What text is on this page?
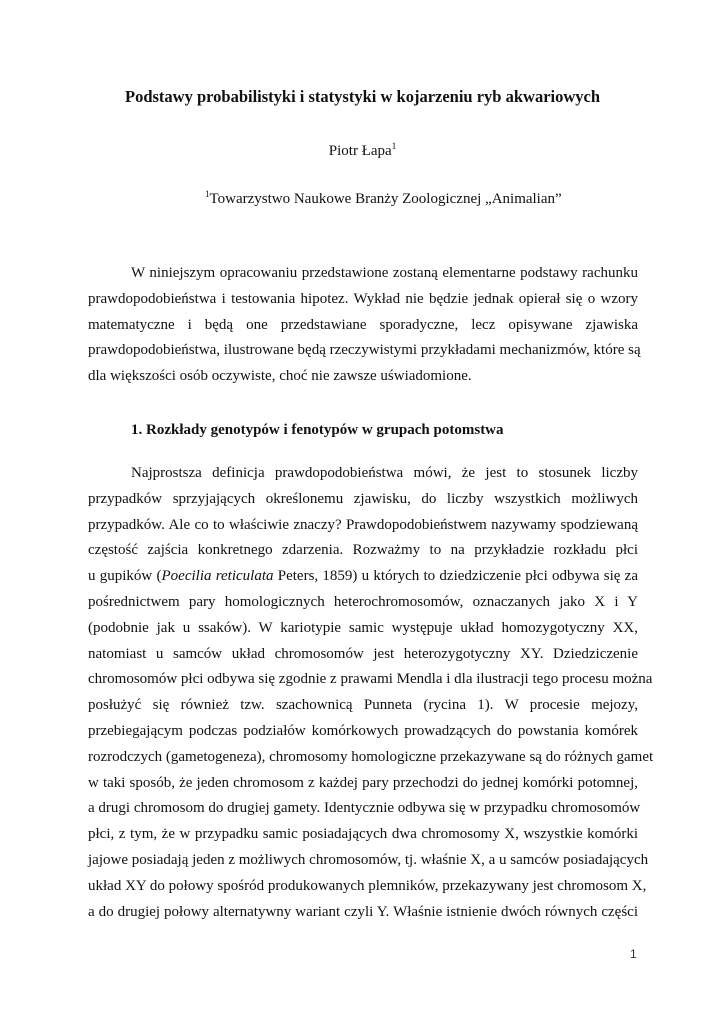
Podstawy probabilistyki i statystyki w kojarzeniu ryb akwariowych
Piotr Łapa$^1$
$^1$Towarzystwo Naukowe Branży Zoologicznej „Animalian”
W niniejszym opracowaniu przedstawione zostaną elementarne podstawy rachunku
prawdopodobieństwa i testowania hipotez. Wykład nie będzie jednak opierał się o wzory
matematyczne i będą one przedstawiane sporadyczne, lecz opisywane zjawiska
prawdopodobieństwa, ilustrowane będą rzeczywistymi przykładami mechanizmów, które są
dla większości osób oczywiste, choć nie zawsze uświadomione.
1. Rozkłady genotypów i fenotypów w grupach potomstwa
Najprostsza definicja prawdopodobieństwa mówi, że jest to stosunek liczby
przypadków sprzyjających określonemu zjawisku, do liczby wszystkich możliwych
przypadków. Ale co to właściwie znaczy? Prawdopodobieństwem nazywamy spodziewaną
częstość zajścia konkretnego zdarzenia. Rozważmy to na przykładzie rozkładu płci
u gupików (Poecilia reticulata Peters, 1859) u których to dziedziczenie płci odbywa się za
pośrednictwem pary homologicznych heterochromosomów, oznaczanych jako X i Y
(podobnie jak u ssaków). W kariotypie samic występuje układ homozygotyczny XX,
natomiast u samców układ chromosomów jest heterozygotyczny XY. Dziedziczenie
chromosomów płci odbywa się zgodnie z prawami Mendla i dla ilustracji tego procesu można
posłużyć się również tzw. szachownicą Punneta (rycina 1). W procesie mejozy,
przebiegającym podczas podziałów komórkowych prowadzących do powstania komórek
rozrodczych (gametogeneza), chromosomy homologiczne przekazywane są do różnych gamet
w taki sposób, że jeden chromosom z każdej pary przechodzi do jednej komórki potomnej,
a drugi chromosom do drugiej gamety. Identycznie odbywa się w przypadku chromosomów
płci, z tym, że w przypadku samic posiadających dwa chromosomy X, wszystkie komórki
jajowe posiadają jeden z możliwych chromosomów, tj. właśnie X, a u samców posiadających
układ XY do połowy spośród produkowanych plemników, przekazywany jest chromosom X,
a do drugiej połowy alternatywny wariant czyli Y. Właśnie istnienie dwóch równych części
1
